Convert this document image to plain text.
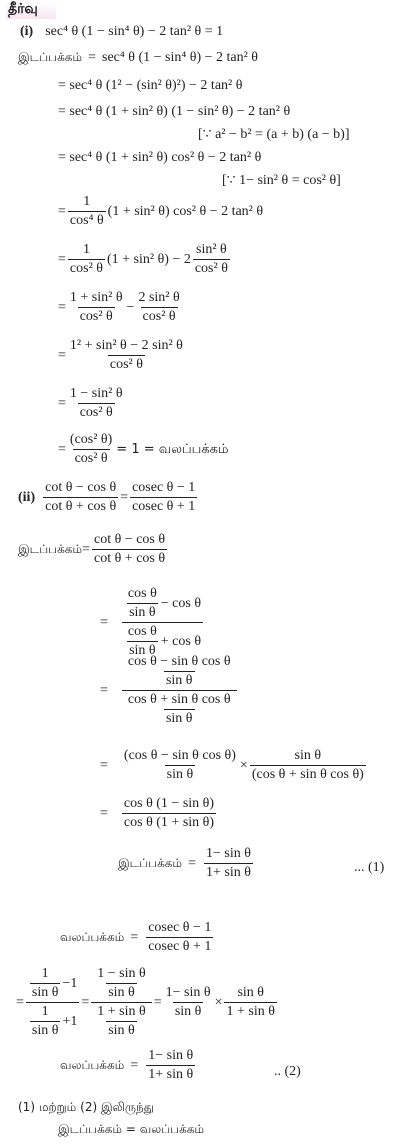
தீர்வு
(i) sec⁴ θ (1 − sin⁴ θ) − 2 tan² θ = 1
இடப்பக்கம் = sec⁴ θ (1 − sin⁴ θ) − 2 tan² θ
= sec⁴ θ (1² − (sin² θ)²) − 2 tan² θ
= sec⁴ θ (1 + sin² θ) (1 − sin² θ) − 2 tan² θ
[∵ a² − b² = (a + b) (a − b)]
= sec⁴ θ (1 + sin² θ) cos² θ − 2 tan² θ
[∵ 1− sin² θ = cos² θ]
= $\frac{1}{\text{cos⁴ θ}} (1 + \sin^2$ θ) cos² θ − 2 tan² θ
= $\frac{1}{\text{cos² θ}} (1 + \sin^2$ $\theta) - 2 \frac{\text{sin² θ}}{\text{cos² θ}}$
= $\frac{\text{1 + sin² θ}}{\text{cos² θ}} - \frac{\text{2 sin² θ}}{\text{cos² θ}}$
= $\frac{\text{1² + sin² θ − 2 sin² θ}}{\text{cos² θ}}$
= $\frac{\text{1 − sin² θ}}{\text{cos² θ}}$
= $\frac{\text{(cos² θ)}}{\text{cos² θ}} = 1$ = வலப்பக்கம்
$(ii) \frac{\text{cot θ − cos θ}}{\text{cot θ + cos θ}} = \frac{\text{cosec θ − 1}}{\text{cosec θ + 1}}$
இடப்பக்கம் = $\frac{\text{cot θ − cos θ}}{\text{cot θ + cos θ}}$
= $\frac{\frac{\text{cos θ}}{\text{sin θ}} - \cos \theta}{\frac{\text{cos θ}}{\text{sin θ}} + \cos \theta}$
= $\frac{\frac{\text{cos θ − sin θ cos θ}}{\text{sin θ}}}{\frac{\text{cos θ + sin θ cos θ}}{\text{sin θ}}}$
= $\frac{\text{(cos θ − sin θ cos θ)}}{\text{sin θ}} \times \frac{\text{sin θ}}{\text{(cos θ + sin θ cos θ)}}$
= $\frac{\text{cos θ (1 − sin θ)}}{\text{cos θ (1 + sin θ)}}$
இடப்பக்கம் = $\frac{\text{1− sin θ}}{\text{1+ sin θ}}$	... (1)
வலப்பக்கம் = $\frac{\text{cosec θ − 1}}{\text{cosec θ + 1}}$
= $\frac{\frac{1}{\text{sin θ}} -1}{\frac{1}{\text{sin θ}} +1} = \frac{\frac{\text{1 − sin θ}}{\text{sin θ}}}{\frac{\text{1 + sin θ}}{\text{sin θ}}} = \frac{\text{1− sin θ}}{\text{sin θ}} \times \frac{\text{sin θ}}{\text{1 + sin θ}}$
வலப்பக்கம் = $\frac{\text{1− sin θ}}{\text{1+ sin θ}}$	.. (2)
(1) மற்றும் (2) இலிருந்து
இடப்பக்கம் = வலப்பக்கம்
